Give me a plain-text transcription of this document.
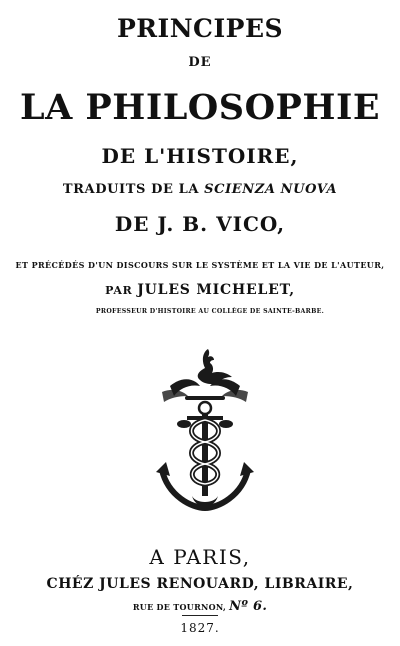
PRINCIPES
DE
LA PHILOSOPHIE
DE L'HISTOIRE,
TRADUITS DE LA SCIENZA NUOVA
DE J. B. VICO,
ET PRÉCÉDÉS D'UN DISCOURS SUR LE SYSTÈME ET LA VIE DE L'AUTEUR,
PAR JULES MICHELET,
PROFESSEUR D'HISTOIRE AU COLLÈGE DE SAINTE-BARBE.
A PARIS,
CHÉZ JULES RENOUARD, LIBRAIRE,
RUE DE TOURNON, Nº 6.
1827.
